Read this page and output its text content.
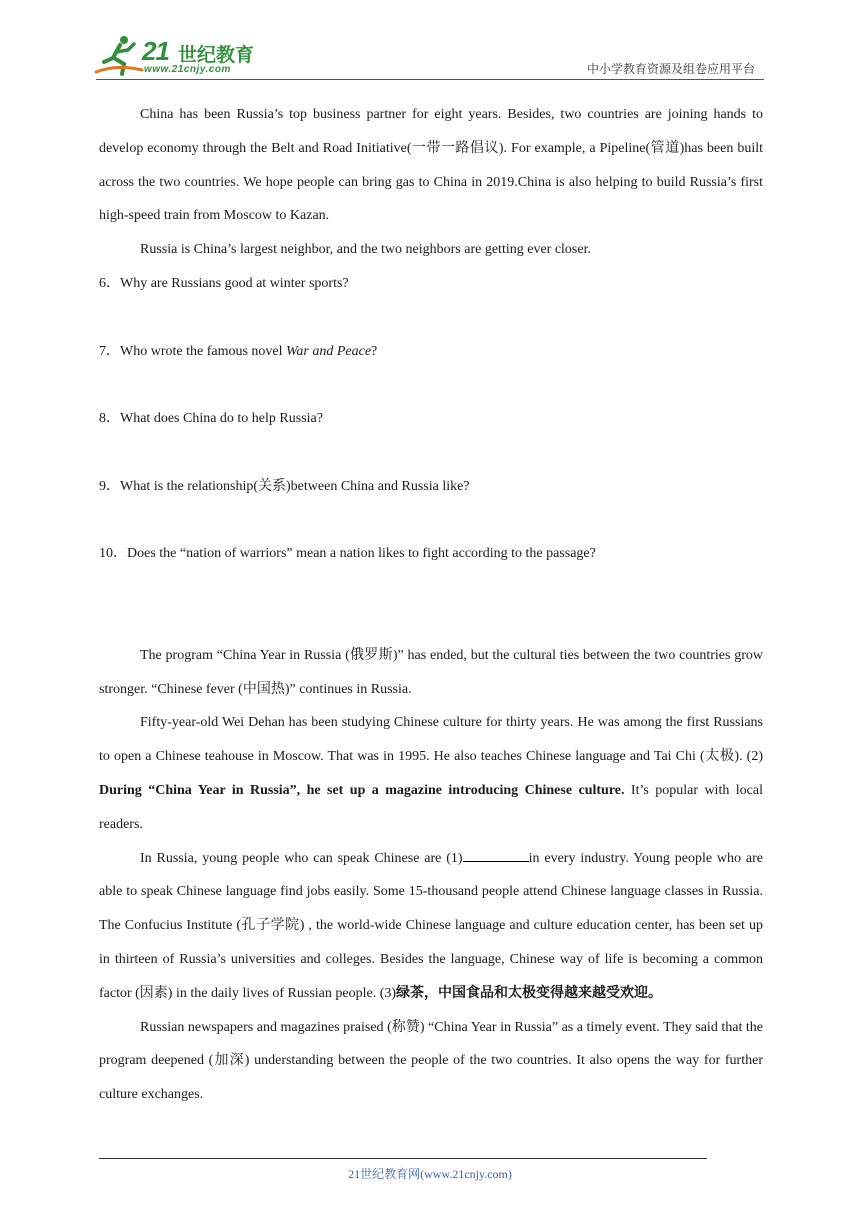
21 世纪教育
www.21cnjy.com	中小学教育资源及组卷应用平台

China has been Russia’s top business partner for eight years. Besides, two countries are joining hands to develop economy through the Belt and Road Initiative(一带一路倡议). For example, a Pipeline(管道)has been built across the two countries. We hope people can bring gas to China in 2019.China is also helping to build Russia’s first high-speed train from Moscow to Kazan.

Russia is China’s largest neighbor, and the two neighbors are getting ever closer.

6．Why are Russians good at winter sports?

7．Who wrote the famous novel War and Peace?

8．What does China do to help Russia?

9．What is the relationship(关系)between China and Russia like?

10．Does the “nation of warriors” mean a nation likes to fight according to the passage?

The program “China Year in Russia (俄罗斯)” has ended, but the cultural ties between the two countries grow stronger. “Chinese fever (中国热)” continues in Russia.

Fifty-year-old Wei Dehan has been studying Chinese culture for thirty years. He was among the first Russians to open a Chinese teahouse in Moscow. That was in 1995. He also teaches Chinese language and Tai Chi (太极). (2) During “China Year in Russia”, he set up a magazine introducing Chinese culture. It’s popular with local readers.

In Russia, young people who can speak Chinese are (1)	in every industry. Young people who are able to speak Chinese language find jobs easily. Some 15-thousand people attend Chinese language classes in Russia. The Confucius Institute (孔子学院) , the world-wide Chinese language and culture education center, has been set up in thirteen of Russia’s universities and colleges. Besides the language, Chinese way of life is becoming a common factor (因素) in the daily lives of Russian people. (3)绿茶，中国食品和太极变得越来越受欢迎。

Russian newspapers and magazines praised (称赞) “China Year in Russia” as a timely event. They said that the program deepened (加深) understanding between the people of the two countries. It also opens the way for further culture exchanges.

21世纪教育网(www.21cnjy.com)
